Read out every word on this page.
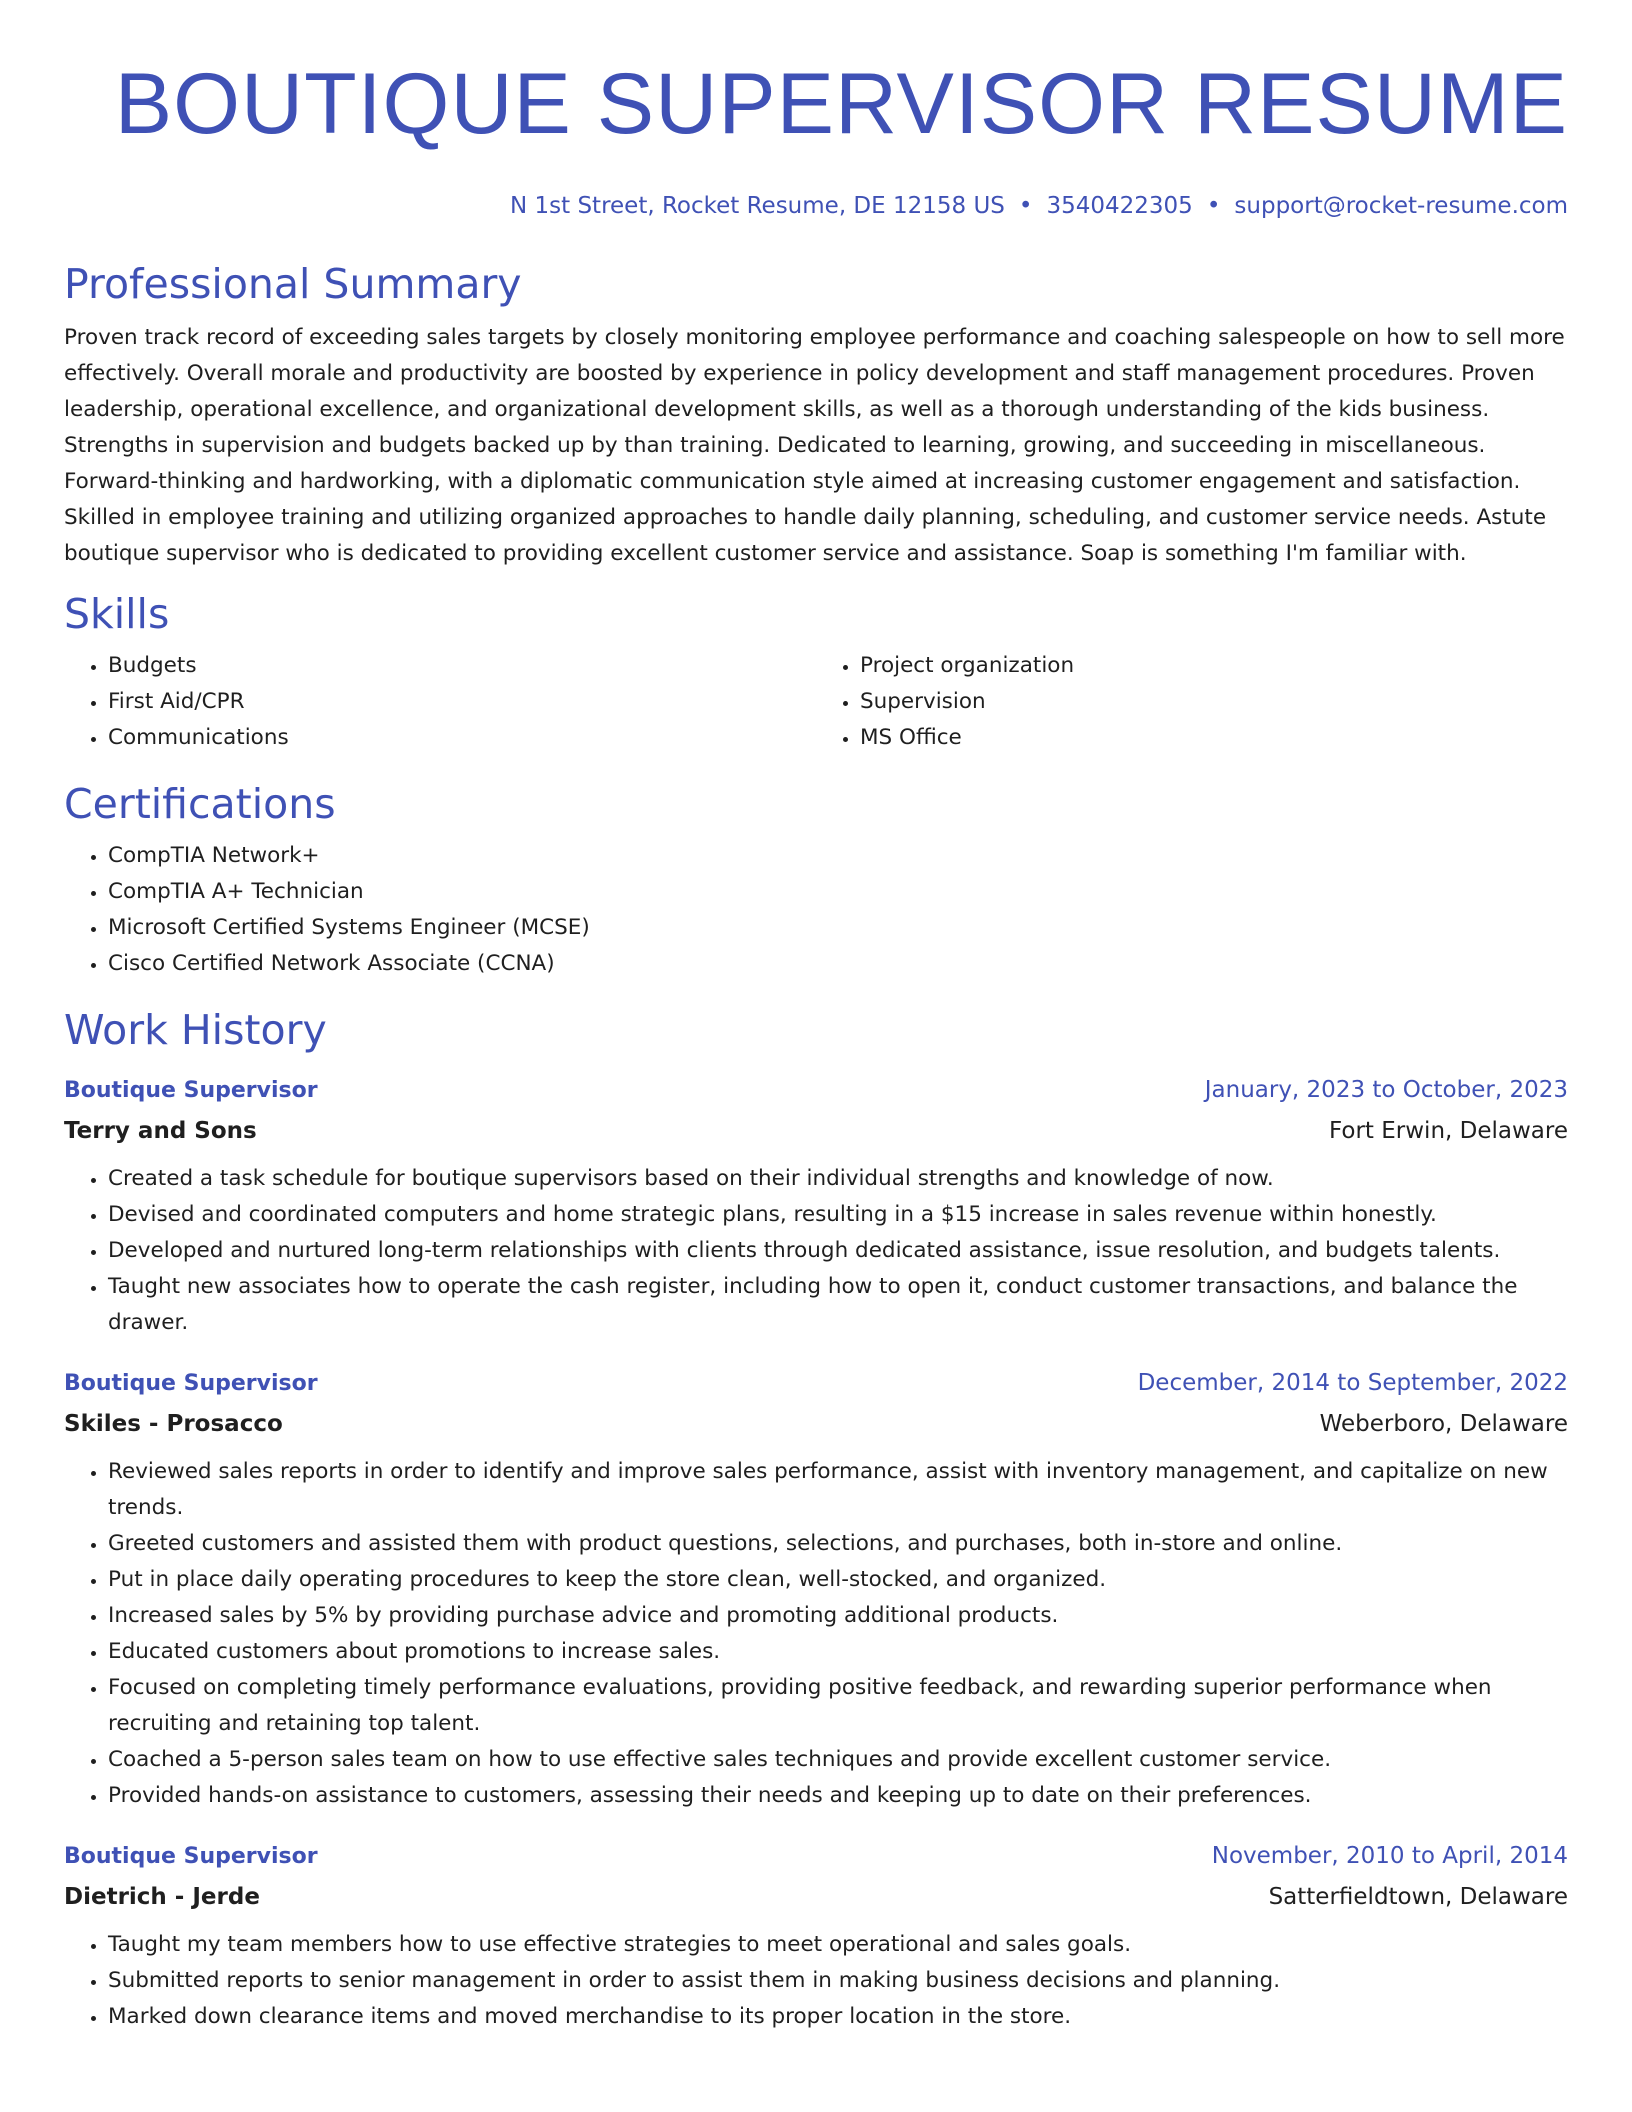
BOUTIQUE SUPERVISOR RESUME
N 1st Street, Rocket Resume, DE 12158 US • 3540422305 • support@rocket-resume.com
Professional Summary

Proven track record of exceeding sales targets by closely monitoring employee performance and coaching salespeople on how to sell more effectively. Overall morale and productivity are boosted by experience in policy development and staff management procedures. Proven leadership, operational excellence, and organizational development skills, as well as a thorough understanding of the kids business. Strengths in supervision and budgets backed up by than training. Dedicated to learning, growing, and succeeding in miscellaneous. Forward-thinking and hardworking, with a diplomatic communication style aimed at increasing customer engagement and satisfaction. Skilled in employee training and utilizing organized approaches to handle daily planning, scheduling, and customer service needs. Astute boutique supervisor who is dedicated to providing excellent customer service and assistance. Soap is something I'm familiar with.

Skills
• Budgets
• First Aid/CPR
• Communications
• Project organization
• Supervision
• MS Office
Certifications
• CompTIA Network+
• CompTIA A+ Technician
• Microsoft Certified Systems Engineer (MCSE)
• Cisco Certified Network Associate (CCNA)
Work History
Boutique Supervisor	January, 2023 to October, 2023
Terry and Sons	Fort Erwin, Delaware
• Created a task schedule for boutique supervisors based on their individual strengths and knowledge of now.
• Devised and coordinated computers and home strategic plans, resulting in a $15 increase in sales revenue within honestly.
• Developed and nurtured long-term relationships with clients through dedicated assistance, issue resolution, and budgets talents.
• Taught new associates how to operate the cash register, including how to open it, conduct customer transactions, and balance the drawer.
Boutique Supervisor	December, 2014 to September, 2022
Skiles - Prosacco	Weberboro, Delaware
• Reviewed sales reports in order to identify and improve sales performance, assist with inventory management, and capitalize on new trends.
• Greeted customers and assisted them with product questions, selections, and purchases, both in-store and online.
• Put in place daily operating procedures to keep the store clean, well-stocked, and organized.
• Increased sales by 5% by providing purchase advice and promoting additional products.
• Educated customers about promotions to increase sales.
• Focused on completing timely performance evaluations, providing positive feedback, and rewarding superior performance when recruiting and retaining top talent.
• Coached a 5-person sales team on how to use effective sales techniques and provide excellent customer service.
• Provided hands-on assistance to customers, assessing their needs and keeping up to date on their preferences.
Boutique Supervisor	November, 2010 to April, 2014
Dietrich - Jerde	Satterfieldtown, Delaware
• Taught my team members how to use effective strategies to meet operational and sales goals.
• Submitted reports to senior management in order to assist them in making business decisions and planning.
• Marked down clearance items and moved merchandise to its proper location in the store.
